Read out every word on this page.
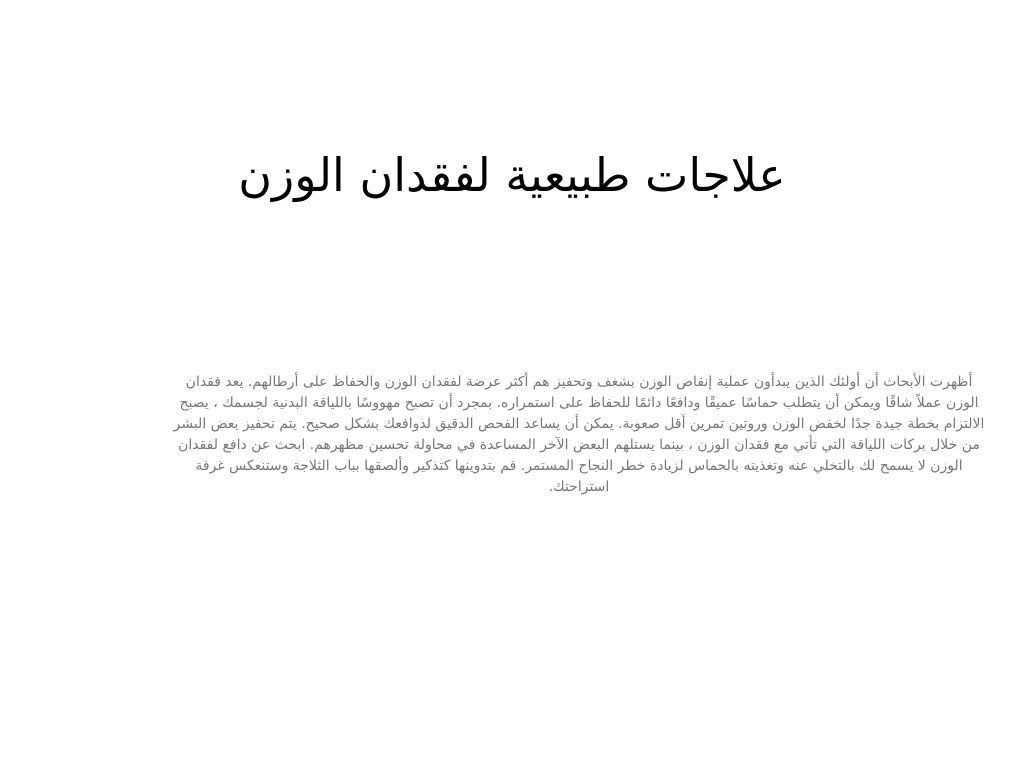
علاجات طبيعية لفقدان الوزن

أظهرت الأبحاث أن أولئك الذين يبدأون عملية إنقاص الوزن بشغف وتحفيز هم أكثر عرضة لفقدان الوزن والحفاظ على أرطالهم. يعد فقدان الوزن عملاً شاقًا ويمكن أن يتطلب حماسًا عميقًا ودافعًا دائمًا للحفاظ على استمراره. بمجرد أن تصبح مهووسًا باللياقة البدنية لجسمك ، يصبح الالتزام بخطة جيدة جدًا لخفض الوزن وروتين تمرين أقل صعوبة. يمكن أن يساعد الفحص الدقيق لدوافعك بشكل صحيح. يتم تحفيز بعض البشر من خلال بركات اللياقة التي تأتي مع فقدان الوزن ، بينما يستلهم البعض الآخر المساعدة في محاولة تحسين مظهرهم. ابحث عن دافع لفقدان الوزن لا يسمح لك بالتخلي عنه وتغذيته بالحماس لزيادة خطر النجاح المستمر. قم بتدوينها كتذكير وألصقها بباب الثلاجة وستنعكس غرفة استراحتك.
